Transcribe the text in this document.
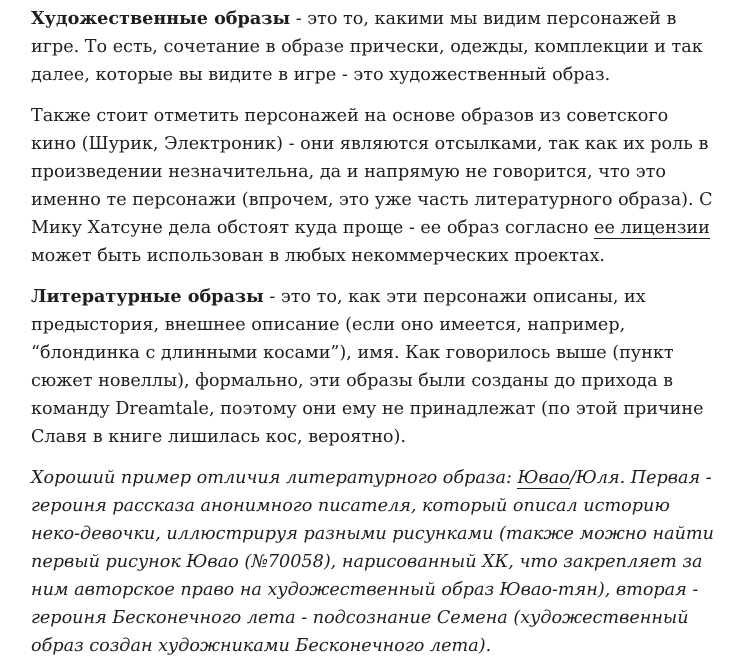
Художественные образы - это то, какими мы видим персонажей в игре. То есть, сочетание в образе прически, одежды, комплекции и так далее, которые вы видите в игре - это художественный образ.

Также стоит отметить персонажей на основе образов из советского кино (Шурик, Электроник) - они являются отсылками, так как их роль в произведении незначительна, да и напрямую не говорится, что это именно те персонажи (впрочем, это уже часть литературного образа). С Мику Хатсуне дела обстоят куда проще - ее образ согласно ее лицензии может быть использован в любых некоммерческих проектах.

Литературные образы - это то, как эти персонажи описаны, их предыстория, внешнее описание (если оно имеется, например, “блондинка с длинными косами”), имя. Как говорилось выше (пункт сюжет новеллы), формально, эти образы были созданы до прихода в команду Dreamtale, поэтому они ему не принадлежат (по этой причине Славя в книге лишилась кос, вероятно).

Хороший пример отличия литературного образа: Ювао/Юля. Первая - героиня рассказа анонимного писателя, который описал историю неко-девочки, иллюстрируя разными рисунками (также можно найти первый рисунок Ювао (№70058), нарисованный ХК, что закрепляет за ним авторское право на художественный образ Ювао-тян), вторая - героиня Бесконечного лета - подсознание Семена (художественный образ создан художниками Бесконечного лета).
